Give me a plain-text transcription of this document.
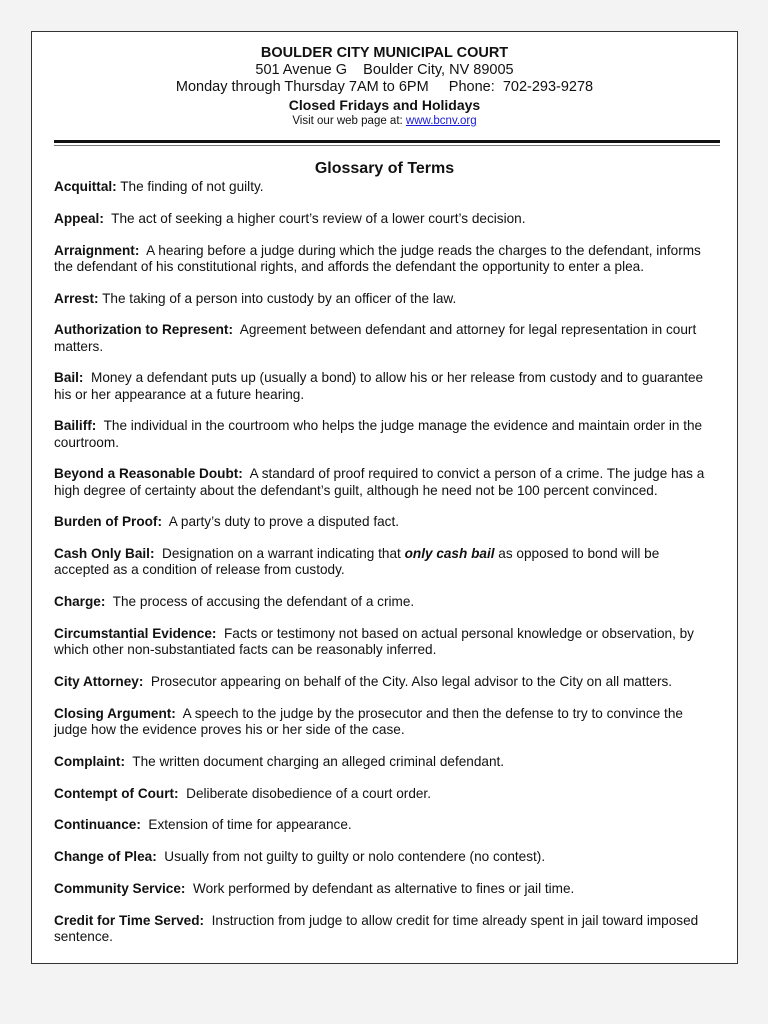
BOULDER CITY MUNICIPAL COURT
501 Avenue G    Boulder City, NV 89005
Monday through Thursday 7AM to 6PM     Phone:  702-293-9278
Closed Fridays and Holidays
Visit our web page at: www.bcnv.org
Glossary of Terms
Acquittal: The finding of not guilty.
Appeal:  The act of seeking a higher court’s review of a lower court’s decision.
Arraignment:  A hearing before a judge during which the judge reads the charges to the defendant, informs the defendant of his constitutional rights, and affords the defendant the opportunity to enter a plea.
Arrest: The taking of a person into custody by an officer of the law.
Authorization to Represent:  Agreement between defendant and attorney for legal representation in court matters.
Bail:  Money a defendant puts up (usually a bond) to allow his or her release from custody and to guarantee his or her appearance at a future hearing.
Bailiff:  The individual in the courtroom who helps the judge manage the evidence and maintain order in the courtroom.
Beyond a Reasonable Doubt:  A standard of proof required to convict a person of a crime. The judge has a high degree of certainty about the defendant’s guilt, although he need not be 100 percent convinced.
Burden of Proof:  A party’s duty to prove a disputed fact.
Cash Only Bail:  Designation on a warrant indicating that only cash bail as opposed to bond will be accepted as a condition of release from custody.
Charge:  The process of accusing the defendant of a crime.
Circumstantial Evidence:  Facts or testimony not based on actual personal knowledge or observation, by which other non-substantiated facts can be reasonably inferred.
City Attorney:  Prosecutor appearing on behalf of the City. Also legal advisor to the City on all matters.
Closing Argument:  A speech to the judge by the prosecutor and then the defense to try to convince the judge how the evidence proves his or her side of the case.
Complaint:  The written document charging an alleged criminal defendant.
Contempt of Court:  Deliberate disobedience of a court order.
Continuance:  Extension of time for appearance.
Change of Plea:  Usually from not guilty to guilty or nolo contendere (no contest).
Community Service:  Work performed by defendant as alternative to fines or jail time.
Credit for Time Served:  Instruction from judge to allow credit for time already spent in jail toward imposed sentence.
